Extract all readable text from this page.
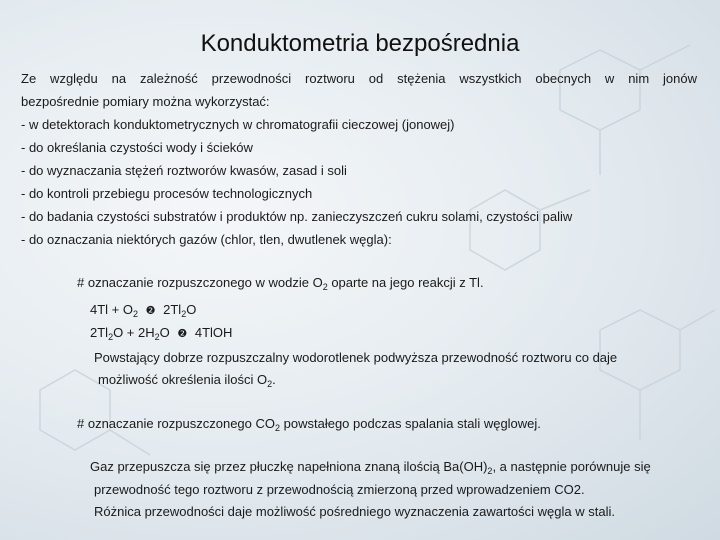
Konduktometria bezpośrednia
Ze względu na zależność przewodności roztworu od stężenia wszystkich obecnych w nim jonów
bezpośrednie pomiary można wykorzystać:
- w detektorach konduktometrycznych w chromatografii cieczowej (jonowej)
- do określania czystości wody i ścieków
- do wyznaczania stężeń roztworów kwasów, zasad i soli
- do kontroli przebiegu procesów technologicznych
- do badania czystości substratów i produktów np. zanieczyszczeń cukru solami, czystości paliw
- do oznaczania niektórych gazów (chlor, tlen, dwutlenek węgla):
# oznaczanie rozpuszczonego w wodzie $O_2$ oparte na jego reakcji z Tl.
$4Tl + O_2$ ❷ $2Tl_2O$
$2Tl_2O + 2H_2O$ ❷ 4TlOH
Powstający dobrze rozpuszczalny wodorotlenek podwyższa przewodność roztworu co daje
możliwość określenia ilości $O_2$.
# oznaczanie rozpuszczonego $CO_2$ powstałego podczas spalania stali węglowej.
Gaz przepuszcza się przez płuczkę napełniona znaną ilością $Ba(OH)_2$, a następnie porównuje się
przewodność tego roztworu z przewodnością zmierzoną przed wprowadzeniem CO2.
Różnica przewodności daje możliwość pośredniego wyznaczenia zawartości węgla w stali.
